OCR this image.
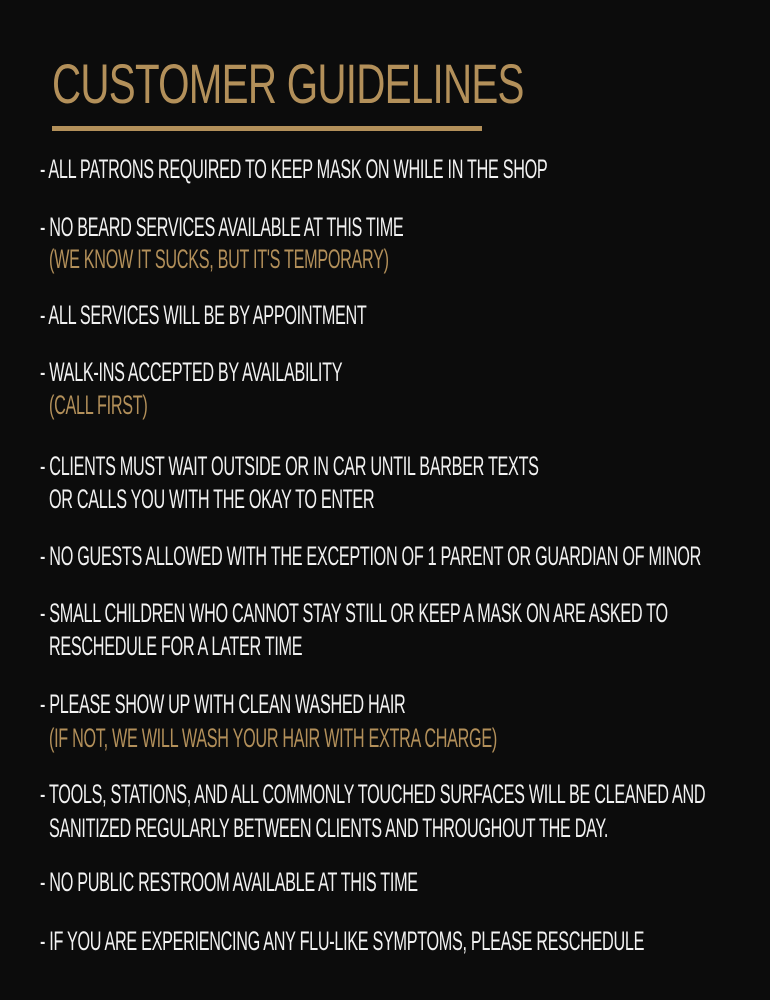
CUSTOMER GUIDELINES

- ALL PATRONS REQUIRED TO KEEP MASK ON WHILE IN THE SHOP

- NO BEARD SERVICES AVAILABLE AT THIS TIME

(WE KNOW IT SUCKS, BUT IT'S TEMPORARY)

- ALL SERVICES WILL BE BY APPOINTMENT

- WALK-INS ACCEPTED BY AVAILABILITY

(CALL FIRST)

- CLIENTS MUST WAIT OUTSIDE OR IN CAR UNTIL BARBER TEXTS

OR CALLS YOU WITH THE OKAY TO ENTER

- NO GUESTS ALLOWED WITH THE EXCEPTION OF 1 PARENT OR GUARDIAN OF MINOR

- SMALL CHILDREN WHO CANNOT STAY STILL OR KEEP A MASK ON ARE ASKED TO

RESCHEDULE FOR A LATER TIME

- PLEASE SHOW UP WITH CLEAN WASHED HAIR

(IF NOT, WE WILL WASH YOUR HAIR WITH EXTRA CHARGE)

- TOOLS, STATIONS, AND ALL COMMONLY TOUCHED SURFACES WILL BE CLEANED AND

SANITIZED REGULARLY BETWEEN CLIENTS AND THROUGHOUT THE DAY.

- NO PUBLIC RESTROOM AVAILABLE AT THIS TIME

- IF YOU ARE EXPERIENCING ANY FLU-LIKE SYMPTOMS, PLEASE RESCHEDULE
